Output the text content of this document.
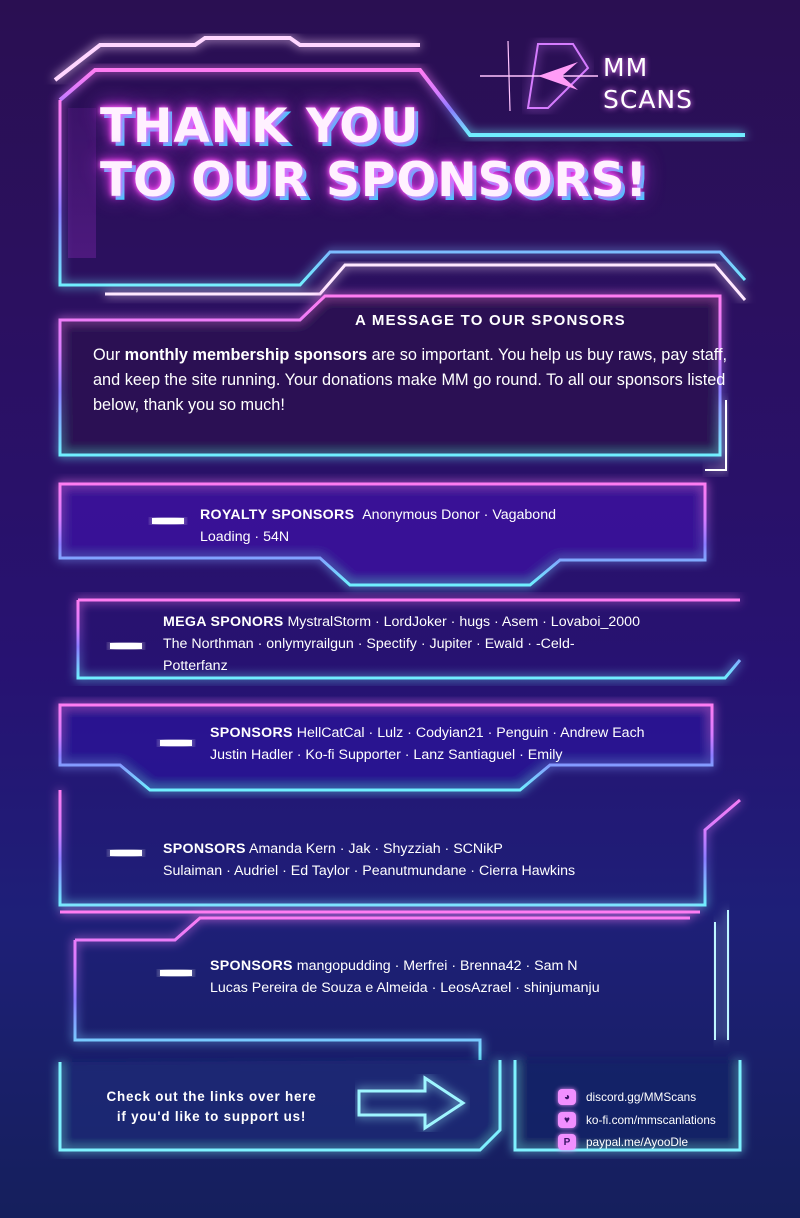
MM
SCANS
THANK YOU
TO OUR SPONSORS!
A MESSAGE TO OUR SPONSORS
Our monthly membership sponsors are so important. You help us buy raws, pay staff, and keep the site running. Your donations make MM go round. To all our sponsors listed below, thank you so much!
ROYALTY SPONSORS Anonymous Donor · Vagabond
Loading · 54N
MEGA SPONORS MystralStorm · LordJoker · hugs · Asem · Lovaboi_2000
The Northman · onlymyrailgun · Spectify · Jupiter · Ewald · -Celd-
Potterfanz
SPONSORS HellCatCal · Lulz · Codyian21 · Penguin · Andrew Each
Justin Hadler · Ko-fi Supporter · Lanz Santiaguel · Emily
SPONSORS Amanda Kern · Jak · Shyzziah · SCNikP
Sulaiman · Audriel · Ed Taylor · Peanutmundane · Cierra Hawkins
SPONSORS mangopudding · Merfrei · Brenna42 · Sam N
Lucas Pereira de Souza e Almeida · LeosAzrael · shinjumanju
Check out the links over here
if you'd like to support us!
◕	discord.gg/MMScans
♥	ko-fi.com/mmscanlations
P	paypal.me/AyooDle
